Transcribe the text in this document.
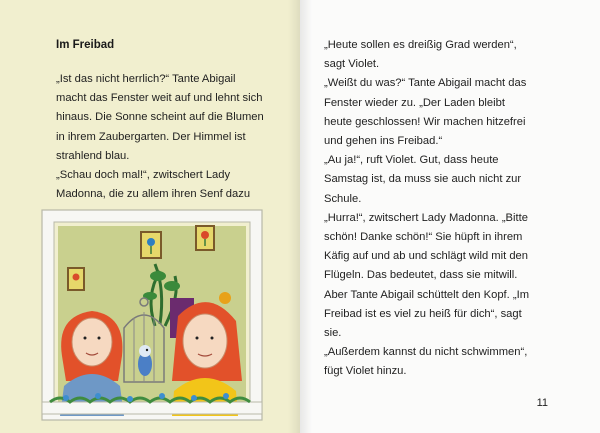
Im Freibad

„Ist das nicht herrlich?“ Tante Abigail

macht das Fenster weit auf und lehnt sich

hinaus. Die Sonne scheint auf die Blumen

in ihrem Zaubergarten. Der Himmel ist

strahlend blau.

„Schau doch mal!“, zwitschert Lady

Madonna, die zu allem ihren Senf dazu

„Heute sollen es dreißig Grad werden“,

sagt Violet.

„Weißt du was?“ Tante Abigail macht das

Fenster wieder zu. „Der Laden bleibt

heute geschlossen! Wir machen hitzefrei

und gehen ins Freibad.“

„Au ja!“, ruft Violet. Gut, dass heute

Samstag ist, da muss sie auch nicht zur

Schule.

„Hurra!“, zwitschert Lady Madonna. „Bitte

schön! Danke schön!“ Sie hüpft in ihrem

Käfig auf und ab und schlägt wild mit den

Flügeln. Das bedeutet, dass sie mitwill.

Aber Tante Abigail schüttelt den Kopf. „Im

Freibad ist es viel zu heiß für dich“, sagt

sie.

„Außerdem kannst du nicht schwimmen“,

fügt Violet hinzu.

11
